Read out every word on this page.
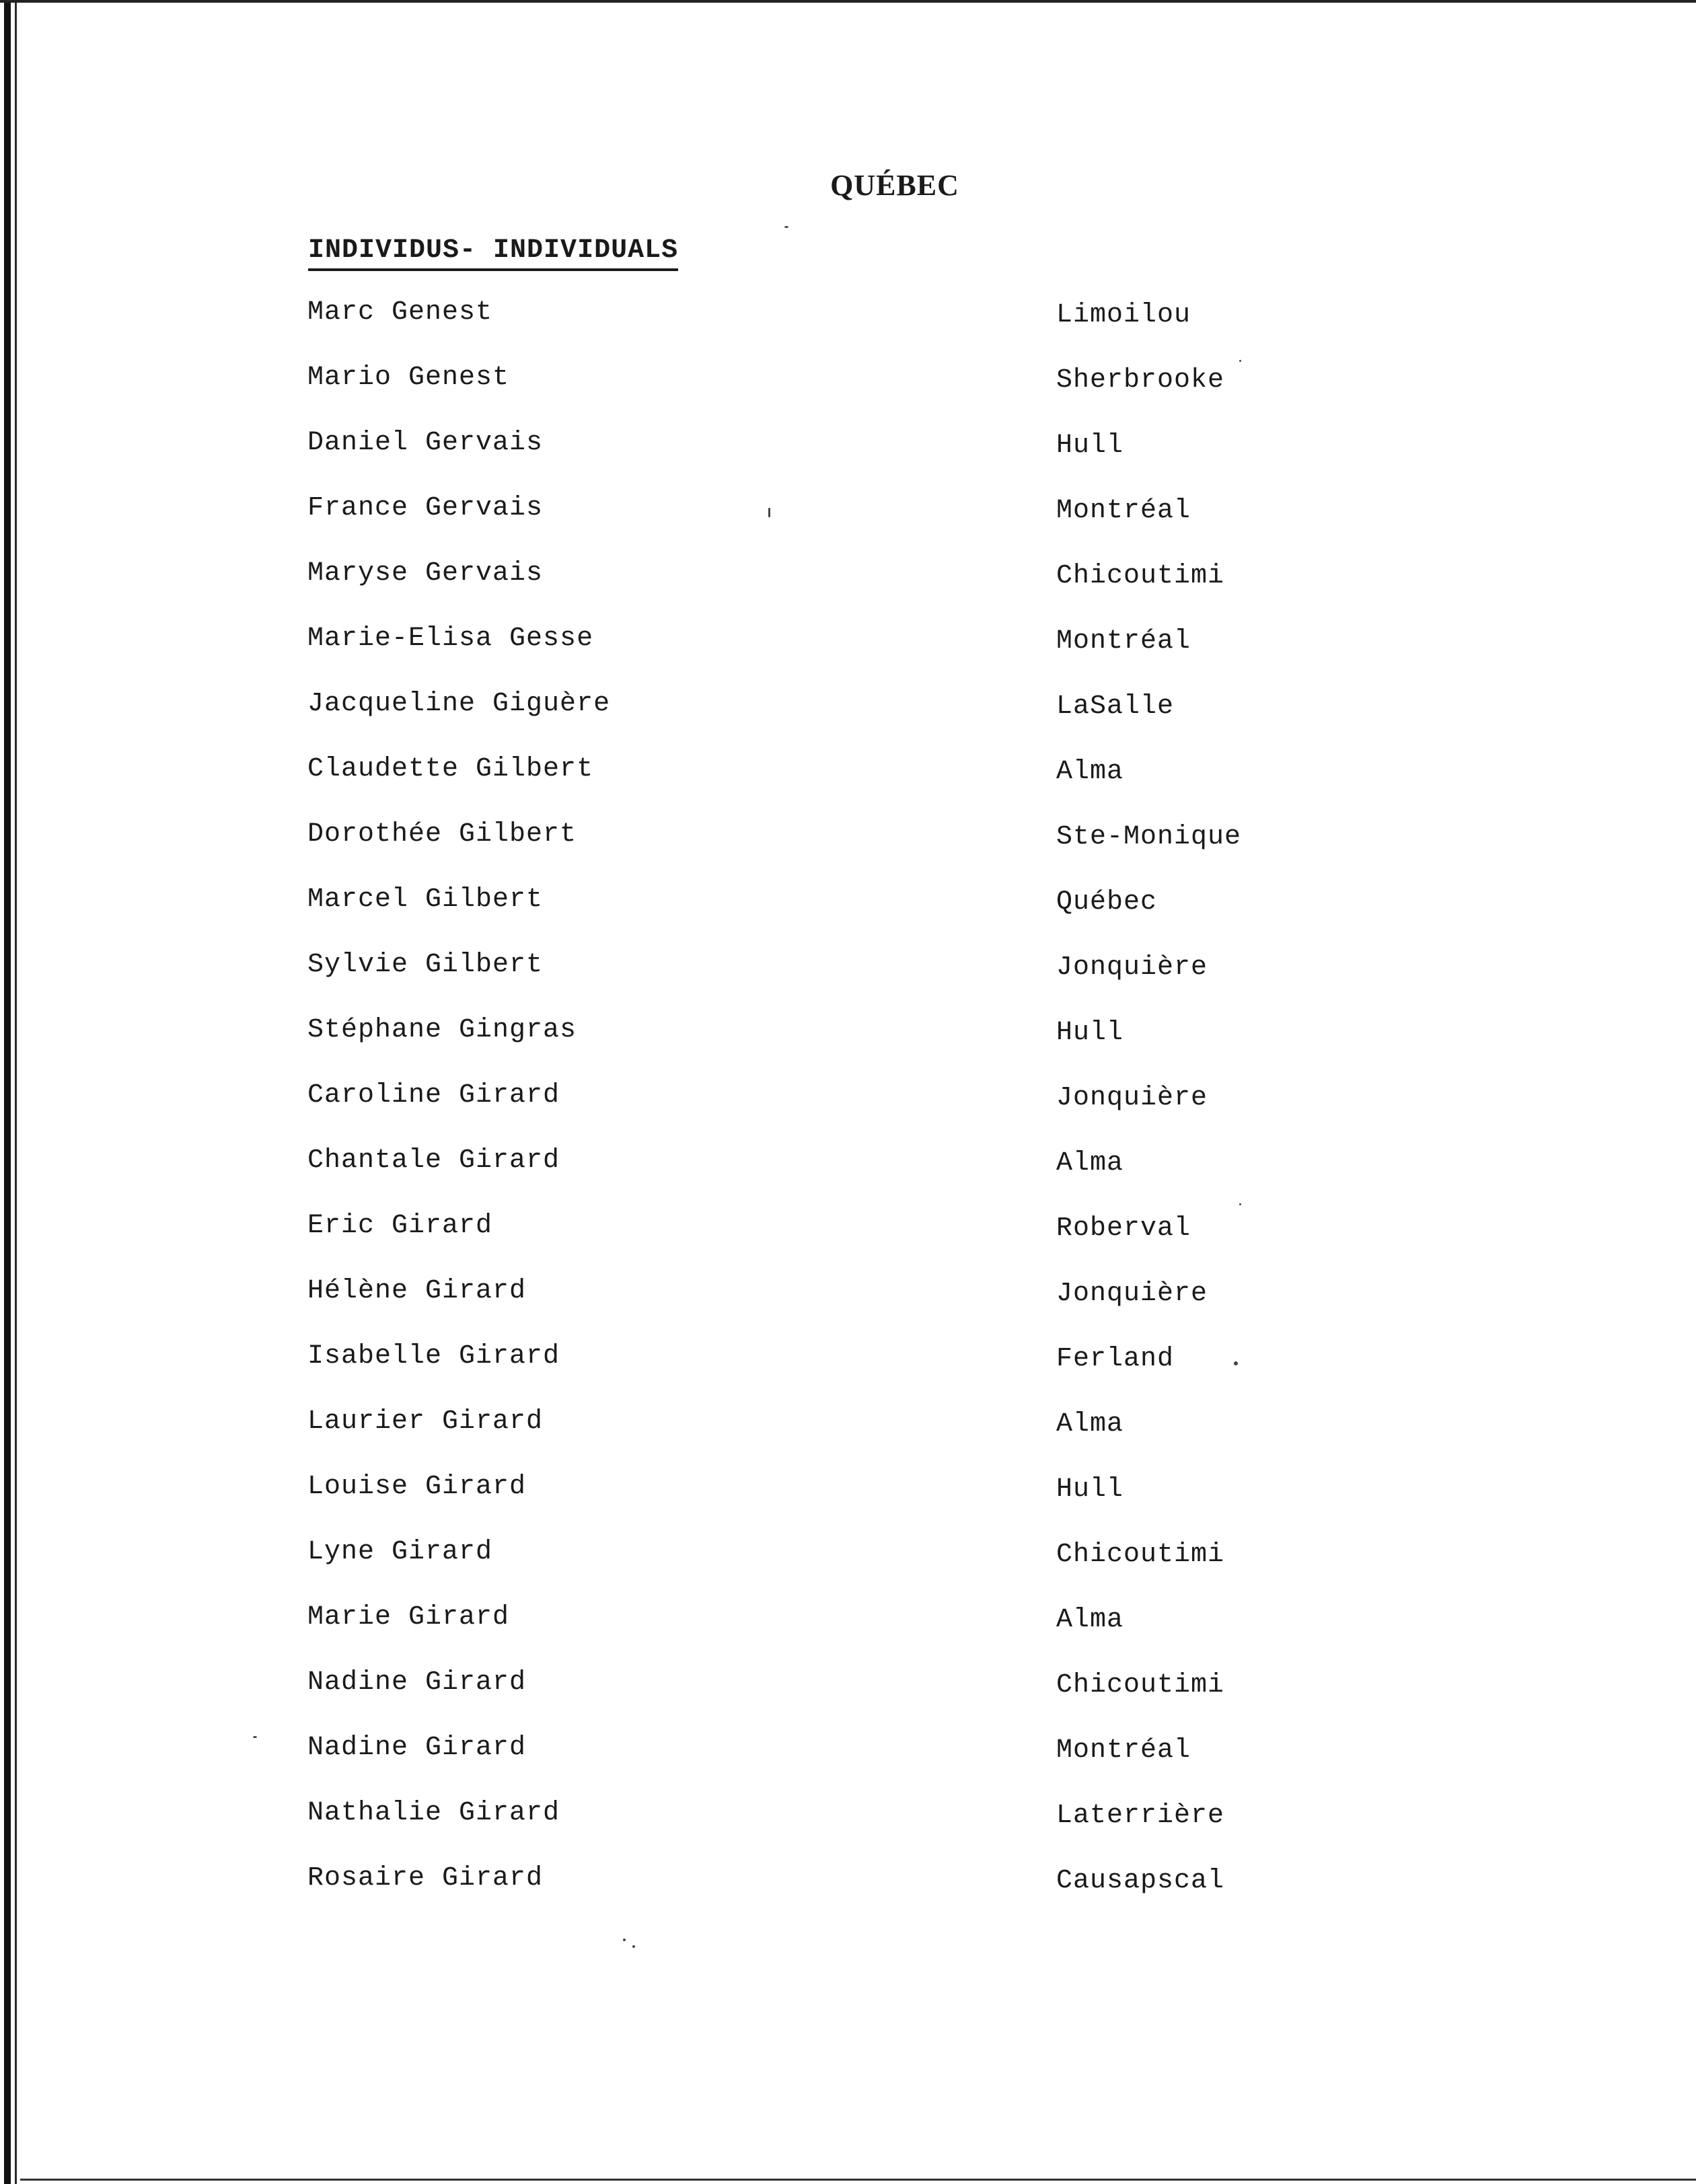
QUÉBEC
INDIVIDUS- INDIVIDUALS
Marc Genest	Limoilou
Mario Genest	Sherbrooke
Daniel Gervais	Hull
France Gervais	Montréal
Maryse Gervais	Chicoutimi
Marie-Elisa Gesse	Montréal
Jacqueline Giguère	LaSalle
Claudette Gilbert	Alma
Dorothée Gilbert	Ste-Monique
Marcel Gilbert	Québec
Sylvie Gilbert	Jonquière
Stéphane Gingras	Hull
Caroline Girard	Jonquière
Chantale Girard	Alma
Eric Girard	Roberval
Hélène Girard	Jonquière
Isabelle Girard	Ferland
Laurier Girard	Alma
Louise Girard	Hull
Lyne Girard	Chicoutimi
Marie Girard	Alma
Nadine Girard	Chicoutimi
Nadine Girard	Montréal
Nathalie Girard	Laterrière
Rosaire Girard	Causapscal
